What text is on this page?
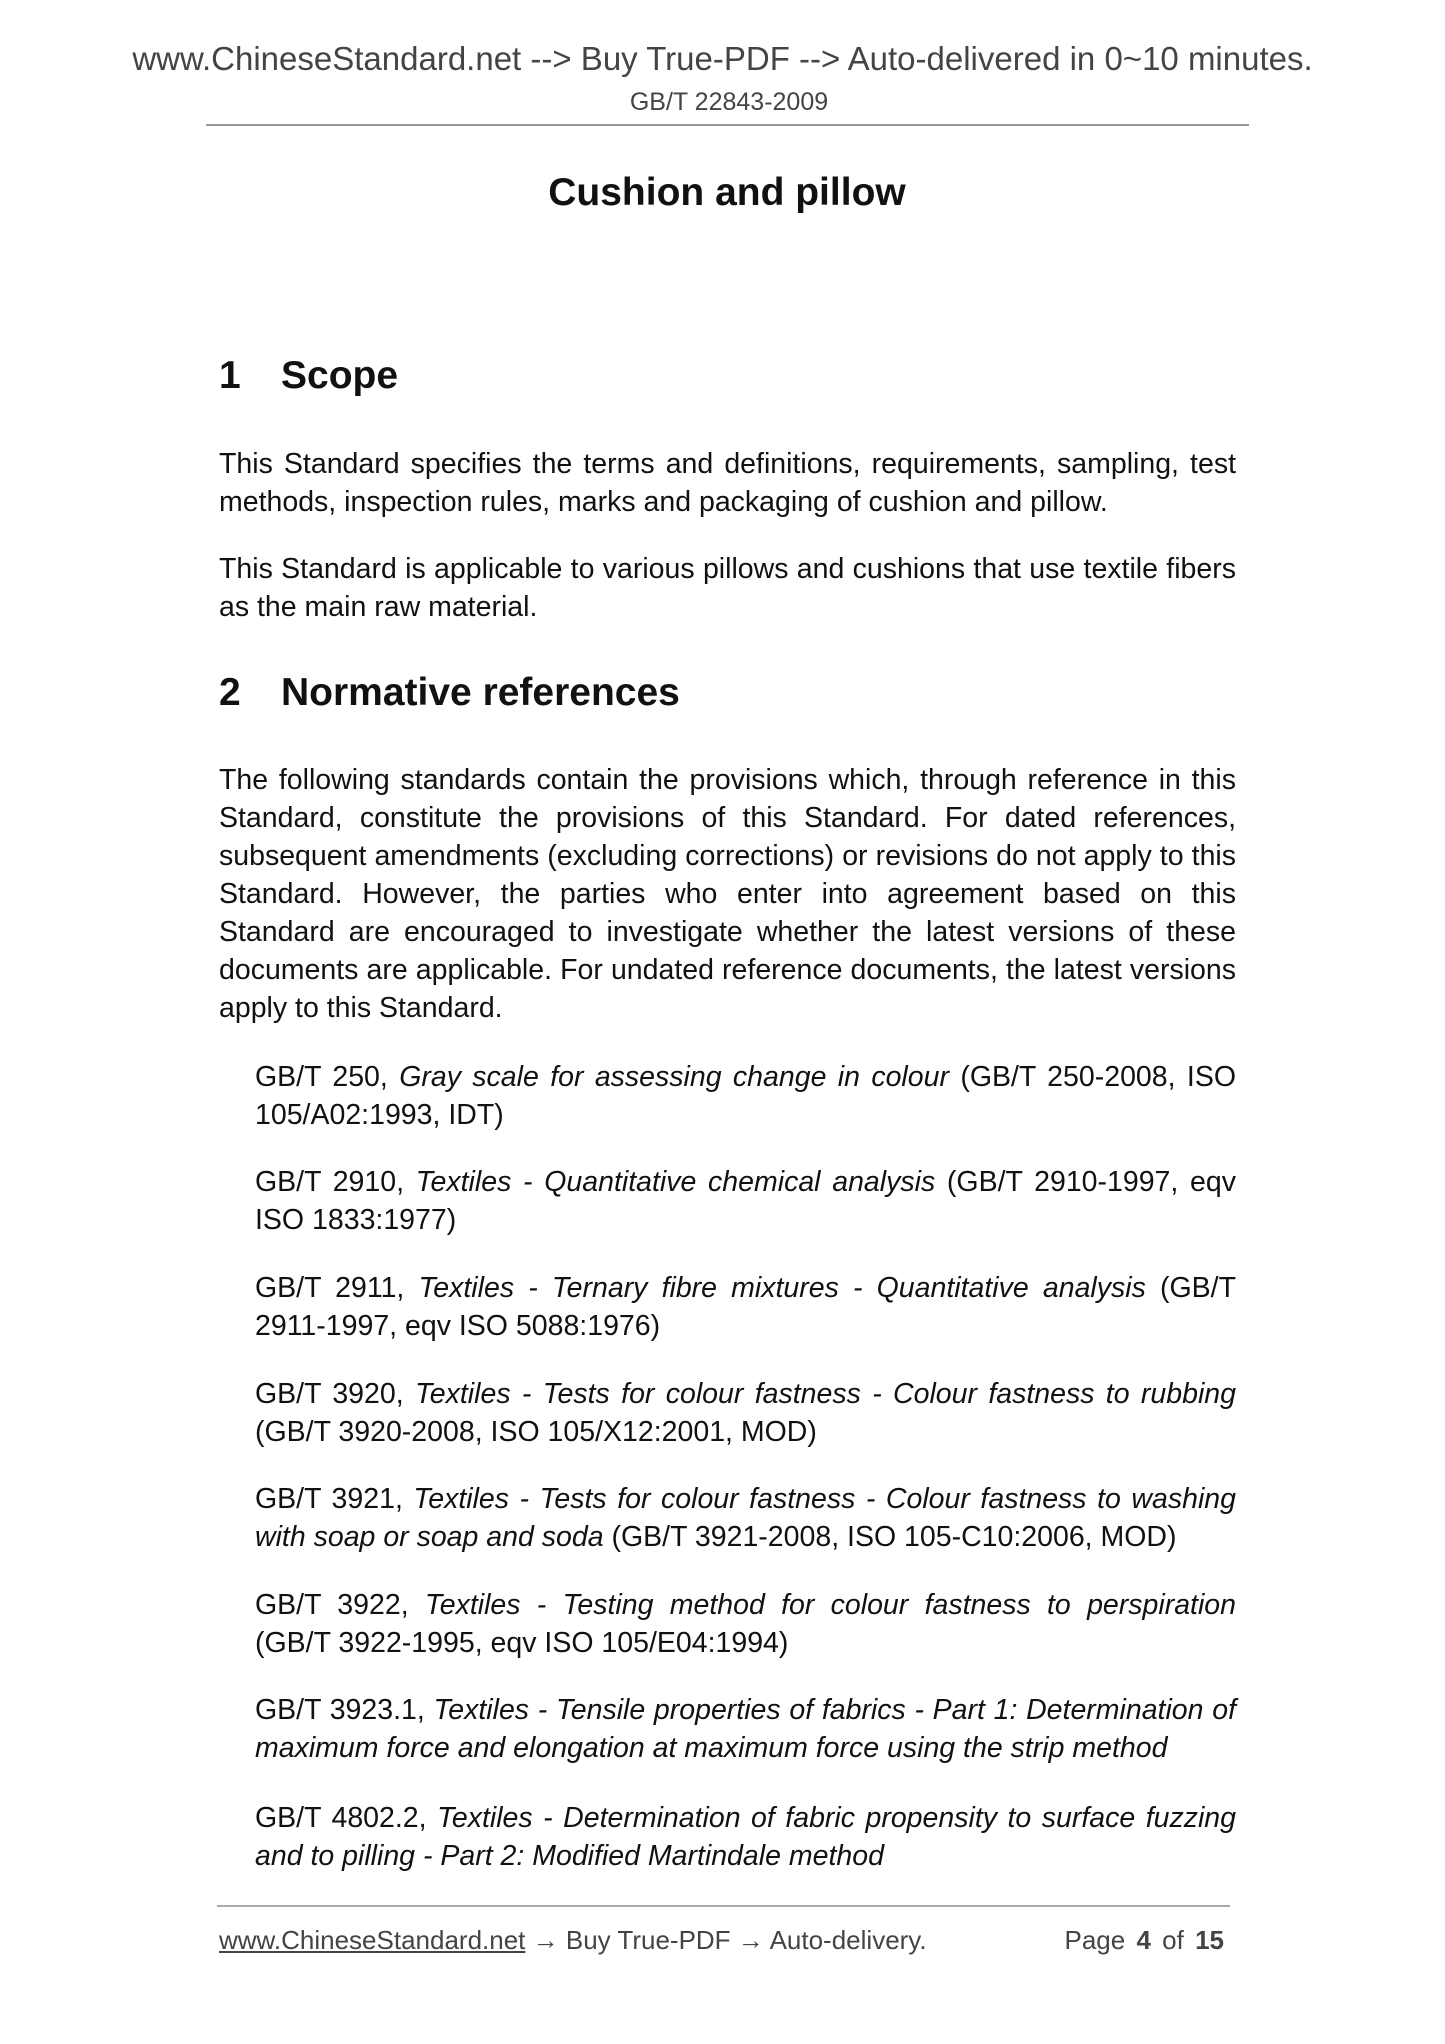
www.ChineseStandard.net --> Buy True-PDF --> Auto-delivered in 0~10 minutes.
GB/T 22843-2009
Cushion and pillow
1 Scope
This Standard specifies the terms and definitions, requirements, sampling, test methods, inspection rules, marks and packaging of cushion and pillow.
This Standard is applicable to various pillows and cushions that use textile fibers as the main raw material.
2 Normative references
The following standards contain the provisions which, through reference in this Standard, constitute the provisions of this Standard. For dated references, subsequent amendments (excluding corrections) or revisions do not apply to this Standard. However, the parties who enter into agreement based on this Standard are encouraged to investigate whether the latest versions of these documents are applicable. For undated reference documents, the latest versions apply to this Standard.
GB/T 250, Gray scale for assessing change in colour (GB/T 250-2008, ISO 105/A02:1993, IDT)
GB/T 2910, Textiles - Quantitative chemical analysis (GB/T 2910-1997, eqv ISO 1833:1977)
GB/T 2911, Textiles - Ternary fibre mixtures - Quantitative analysis (GB/T 2911-1997, eqv ISO 5088:1976)
GB/T 3920, Textiles - Tests for colour fastness - Colour fastness to rubbing (GB/T 3920-2008, ISO 105/X12:2001, MOD)
GB/T 3921, Textiles - Tests for colour fastness - Colour fastness to washing with soap or soap and soda (GB/T 3921-2008, ISO 105-C10:2006, MOD)
GB/T 3922, Textiles - Testing method for colour fastness to perspiration (GB/T 3922-1995, eqv ISO 105/E04:1994)
GB/T 3923.1, Textiles - Tensile properties of fabrics - Part 1: Determination of maximum force and elongation at maximum force using the strip method
GB/T 4802.2, Textiles - Determination of fabric propensity to surface fuzzing and to pilling - Part 2: Modified Martindale method
www.ChineseStandard.net → Buy True-PDF → Auto-delivery.	Page 4 of 15
